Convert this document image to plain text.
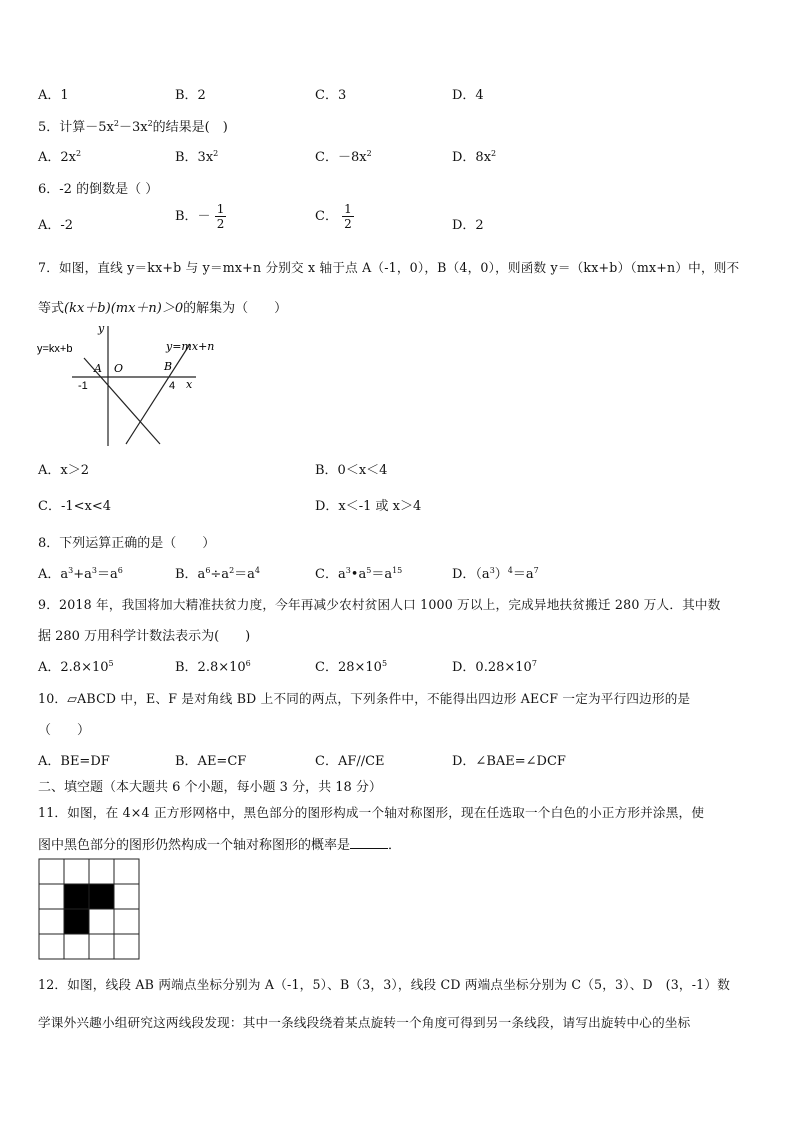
A．1	B．2	C．3	D．4
5．计算$-5x^2-3x^2$的结果是(　)
A．$2x^2$	B．$3x^2$	C．$-8x^2$	D．$8x^2$
6．-2 的倒数是（ ）
A．-2
B．－ $\frac{1}{2}$	C． $\frac{1}{2}$	D．2
7．如图，直线 y＝kx+b 与 y＝mx+n 分别交 x 轴于点 A（-1，0），B（4，0），则函数 y＝（kx+b）（mx+n）中，则不
等式(kx＋b)(mx＋n)＞0的解集为（　　）
y=kx+b	y=mx+n
y
x
A O	B
-1	4
A．x＞2	B．0＜x＜4
C．-1<x<4	D．x＜-1 或 x＞4
8．下列运算正确的是（　　）
A．$a^3+a^3=a^6$	B．$a^6\div a^2=a^4$	C．$a^3•a^5=a^{15}$	D．$(a^3)^4=a^7$
9．2018 年，我国将加大精准扶贫力度，今年再减少农村贫困人口 1000 万以上，完成异地扶贫搬迁 280 万人．其中数
据 280 万用科学计数法表示为(　　)
A．$2.8\times 10^5$	B．$2.8\times 10^6$	C．$28\times 10^5$	D．$0.28\times 10^7$
10．▱ABCD 中，E、F 是对角线 BD 上不同的两点，下列条件中，不能得出四边形 AECF 一定为平行四边形的是
（　　）
A．BE=DF	B．AE=CF	C．AF//CE	D．∠BAE=∠DCF
二、填空题（本大题共 6 个小题，每小题 3 分，共 18 分）
11．如图，在 4×4 正方形网格中，黑色部分的图形构成一个轴对称图形，现在任选取一个白色的小正方形并涂黑，使
图中黑色部分的图形仍然构成一个轴对称图形的概率是	．
12．如图，线段 AB 两端点坐标分别为 A（-1，5）、B（3，3），线段 CD 两端点坐标分别为 C（5，3）、D　(3，-1）数
学课外兴趣小组研究这两线段发现：其中一条线段绕着某点旋转一个角度可得到另一条线段，请写出旋转中心的坐标
